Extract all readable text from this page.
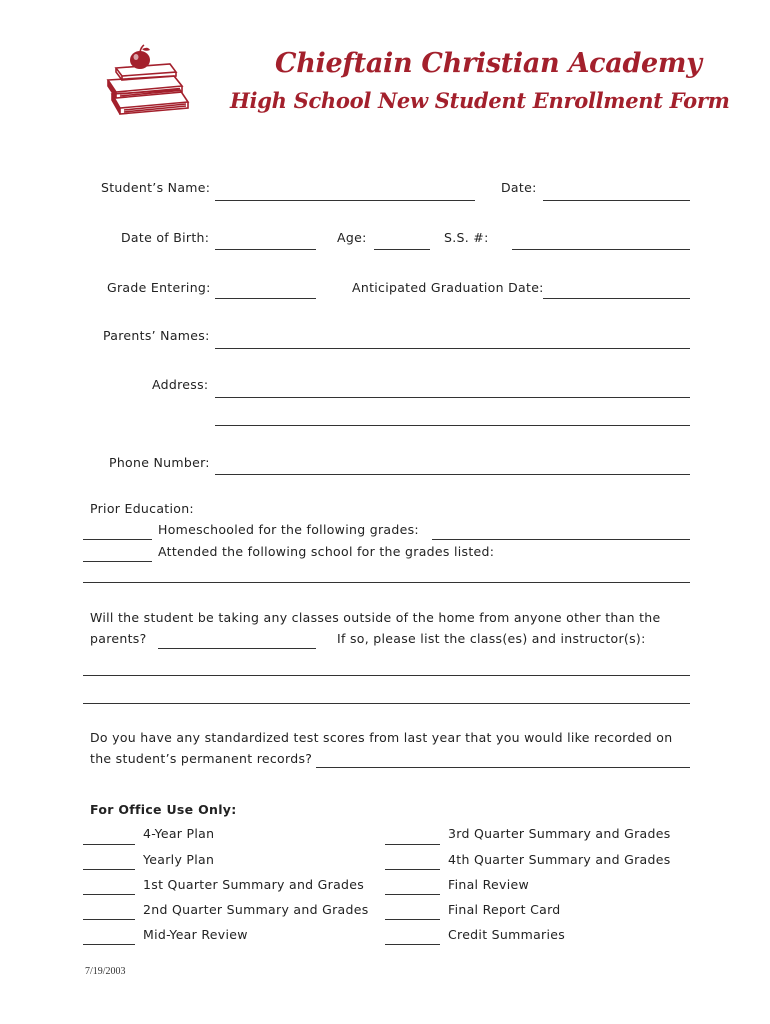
Chieftain Christian Academy
High School New Student Enrollment Form
Student’s Name:	Date:
Date of Birth:	Age:	S.S. #:
Grade Entering:	Anticipated Graduation Date:
Parents’ Names:
Address:
Phone Number:
Prior Education:
Homeschooled for the following grades:
Attended the following school for the grades listed:
Will the student be taking any classes outside of the home from anyone other than the
parents?	If so, please list the class(es) and instructor(s):
Do you have any standardized test scores from last year that you would like recorded on
the student’s permanent records?
For Office Use Only:
4-Year Plan	3rd Quarter Summary and Grades
Yearly Plan	4th Quarter Summary and Grades
1st Quarter Summary and Grades	Final Review
2nd Quarter Summary and Grades	Final Report Card
Mid-Year Review	Credit Summaries
7/19/2003
